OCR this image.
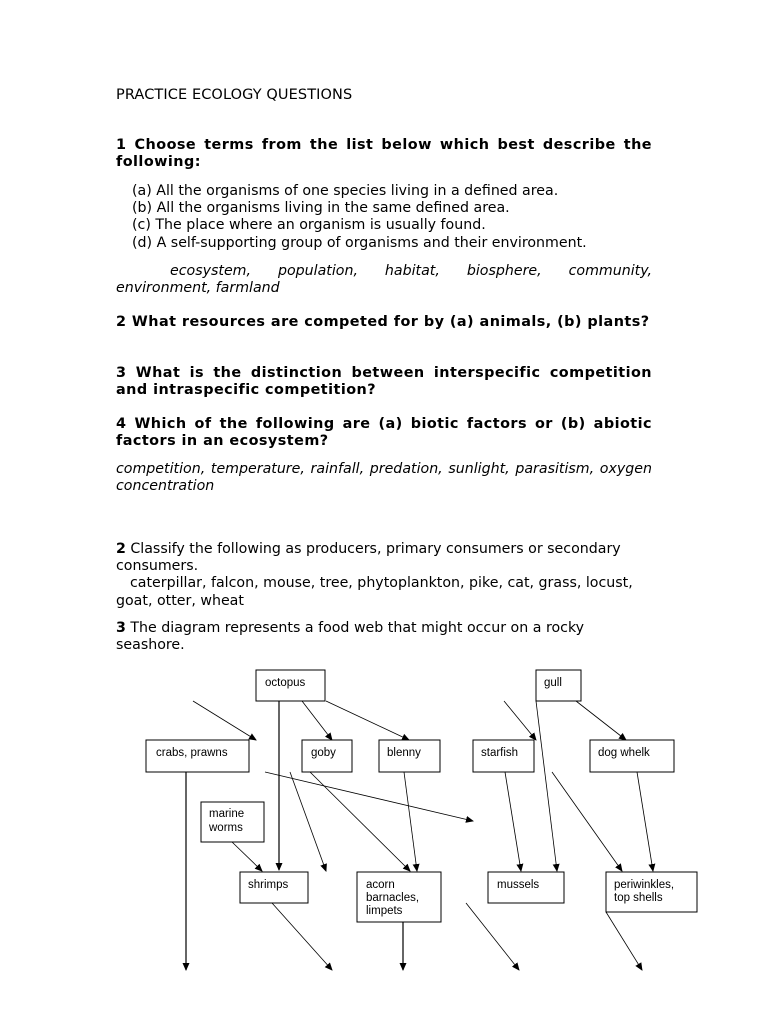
PRACTICE ECOLOGY QUESTIONS
1 Choose terms from the list below which best describe the following:
(a) All the organisms of one species living in a defined area.
(b) All the organisms living in the same defined area.
(c) The place where an organism is usually found.
(d) A self-supporting group of organisms and their environment.
ecosystem, population, habitat, biosphere, community, environment, farmland
2 What resources are competed for by (a) animals, (b) plants?
3 What is the distinction between interspecific competition and intraspecific competition?
4 Which of the following are (a) biotic factors or (b) abiotic factors in an ecosystem?
competition, temperature, rainfall, predation, sunlight, parasitism, oxygen concentration
2 Classify the following as producers, primary consumers or secondary consumers.
caterpillar, falcon, mouse, tree, phytoplankton, pike, cat, grass, locust, goat, otter, wheat
3 The diagram represents a food web that might occur on a rocky seashore.
octopus	gull
crabs, prawns	goby	blenny	starfish	dog whelk
marine
worms
shrimps	acorn
barnacles,
limpets
mussels	periwinkles,
top shells
